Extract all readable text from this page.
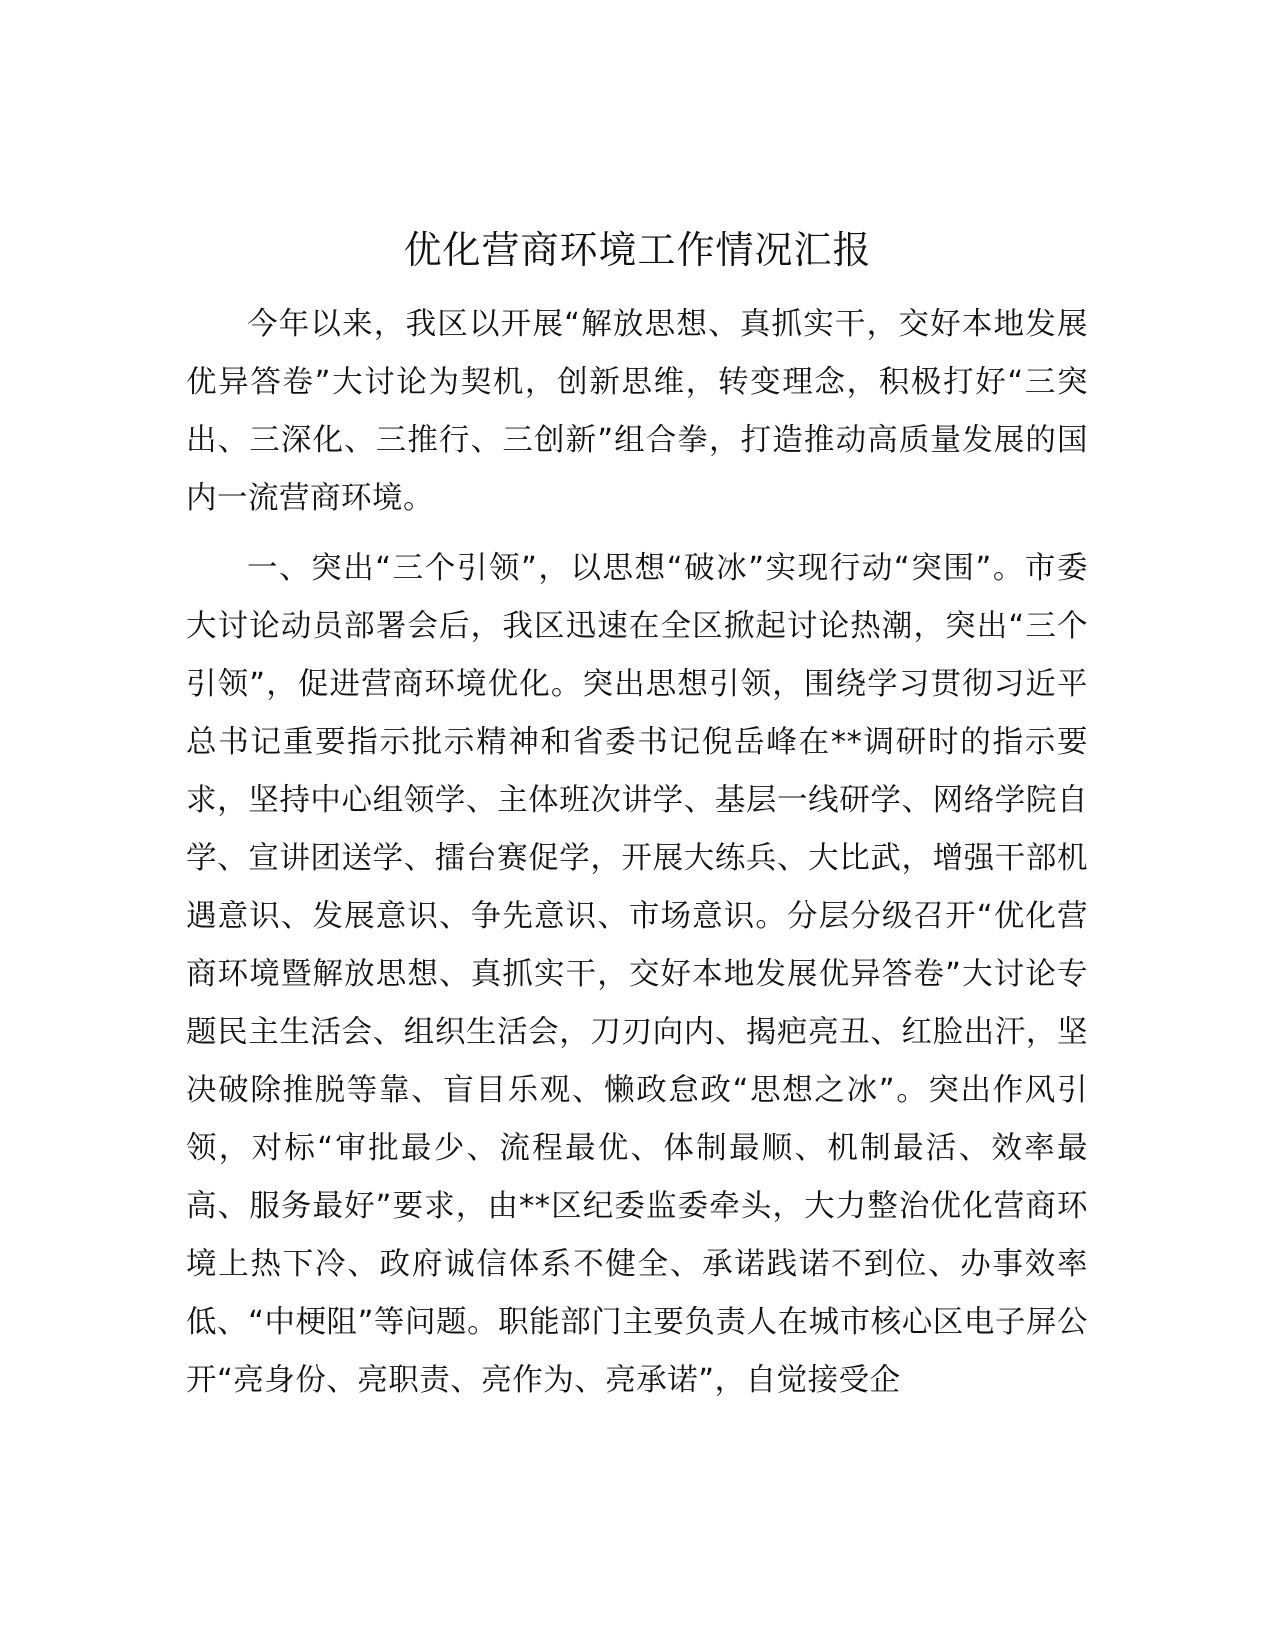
优化营商环境工作情况汇报

今年以来，我区以开展“解放思想、真抓实干，交好本地发展优异答卷”大讨论为契机，创新思维，转变理念，积极打好“三突出、三深化、三推行、三创新”组合拳，打造推动高质量发展的国内一流营商环境。

一、突出“三个引领”，以思想“破冰”实现行动“突围”。市委大讨论动员部署会后，我区迅速在全区掀起讨论热潮，突出“三个引领”，促进营商环境优化。突出思想引领，围绕学习贯彻习近平总书记重要指示批示精神和省委书记倪岳峰在**调研时的指示要求，坚持中心组领学、主体班次讲学、基层一线研学、网络学院自学、宣讲团送学、擂台赛促学，开展大练兵、大比武，增强干部机遇意识、发展意识、争先意识、市场意识。分层分级召开“优化营商环境暨解放思想、真抓实干，交好本地发展优异答卷”大讨论专题民主生活会、组织生活会，刀刃向内、揭疤亮丑、红脸出汗，坚决破除推脱等靠、盲目乐观、懒政怠政“思想之冰”。突出作风引领，对标“审批最少、流程最优、体制最顺、机制最活、效率最高、服务最好”要求，由**区纪委监委牵头，大力整治优化营商环境上热下冷、政府诚信体系不健全、承诺践诺不到位、办事效率低、“中梗阻”等问题。职能部门主要负责人在城市核心区电子屏公开“亮身份、亮职责、亮作为、亮承诺”，自觉接受企
